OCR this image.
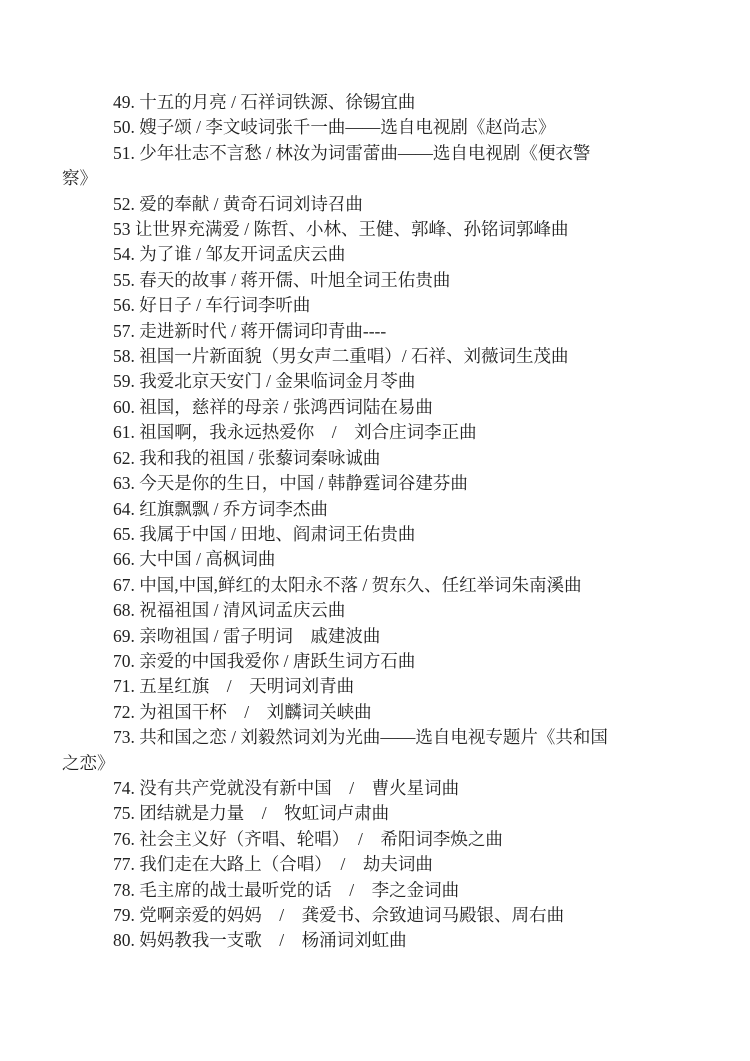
49. 十五的月亮 / 石祥词铁源、徐锡宜曲

50. 嫂子颂 / 李文岐词张千一曲——选自电视剧《赵尚志》

51. 少年壮志不言愁 / 林汝为词雷蕾曲——选自电视剧《便衣警察》

52. 爱的奉献 / 黄奇石词刘诗召曲

53 让世界充满爱 / 陈哲、小林、王健、郭峰、孙铭词郭峰曲

54. 为了谁 / 邹友开词孟庆云曲

55. 春天的故事 / 蒋开儒、叶旭全词王佑贵曲

56. 好日子 / 车行词李听曲

57. 走进新时代 / 蒋开儒词印青曲----

58. 祖国一片新面貌（男女声二重唱）/ 石祥、刘薇词生茂曲

59. 我爱北京天安门 / 金果临词金月苓曲

60. 祖国，慈祥的母亲 / 张鸿西词陆在易曲

61. 祖国啊，我永远热爱你　/　刘合庄词李正曲

62. 我和我的祖国 / 张藜词秦咏诚曲

63. 今天是你的生日，中国 / 韩静霆词谷建芬曲

64. 红旗飘飘 / 乔方词李杰曲

65. 我属于中国 / 田地、阎肃词王佑贵曲

66. 大中国 / 高枫词曲

67. 中国,中国,鲜红的太阳永不落 / 贺东久、任红举词朱南溪曲

68. 祝福祖国 / 清风词孟庆云曲

69. 亲吻祖国 / 雷子明词　戚建波曲

70. 亲爱的中国我爱你 / 唐跃生词方石曲

71. 五星红旗　/　天明词刘青曲

72. 为祖国干杯　/　刘麟词关峡曲

73. 共和国之恋 / 刘毅然词刘为光曲——选自电视专题片《共和国之恋》

74. 没有共产党就没有新中国　/　曹火星词曲

75. 团结就是力量　/　牧虹词卢肃曲

76. 社会主义好（齐唱、轮唱）　/　希阳词李焕之曲

77. 我们走在大路上（合唱）　/　劫夫词曲

78. 毛主席的战士最听党的话　/　李之金词曲

79. 党啊亲爱的妈妈　/　龚爱书、佘致迪词马殿银、周右曲

80. 妈妈教我一支歌　/　杨涌词刘虹曲
